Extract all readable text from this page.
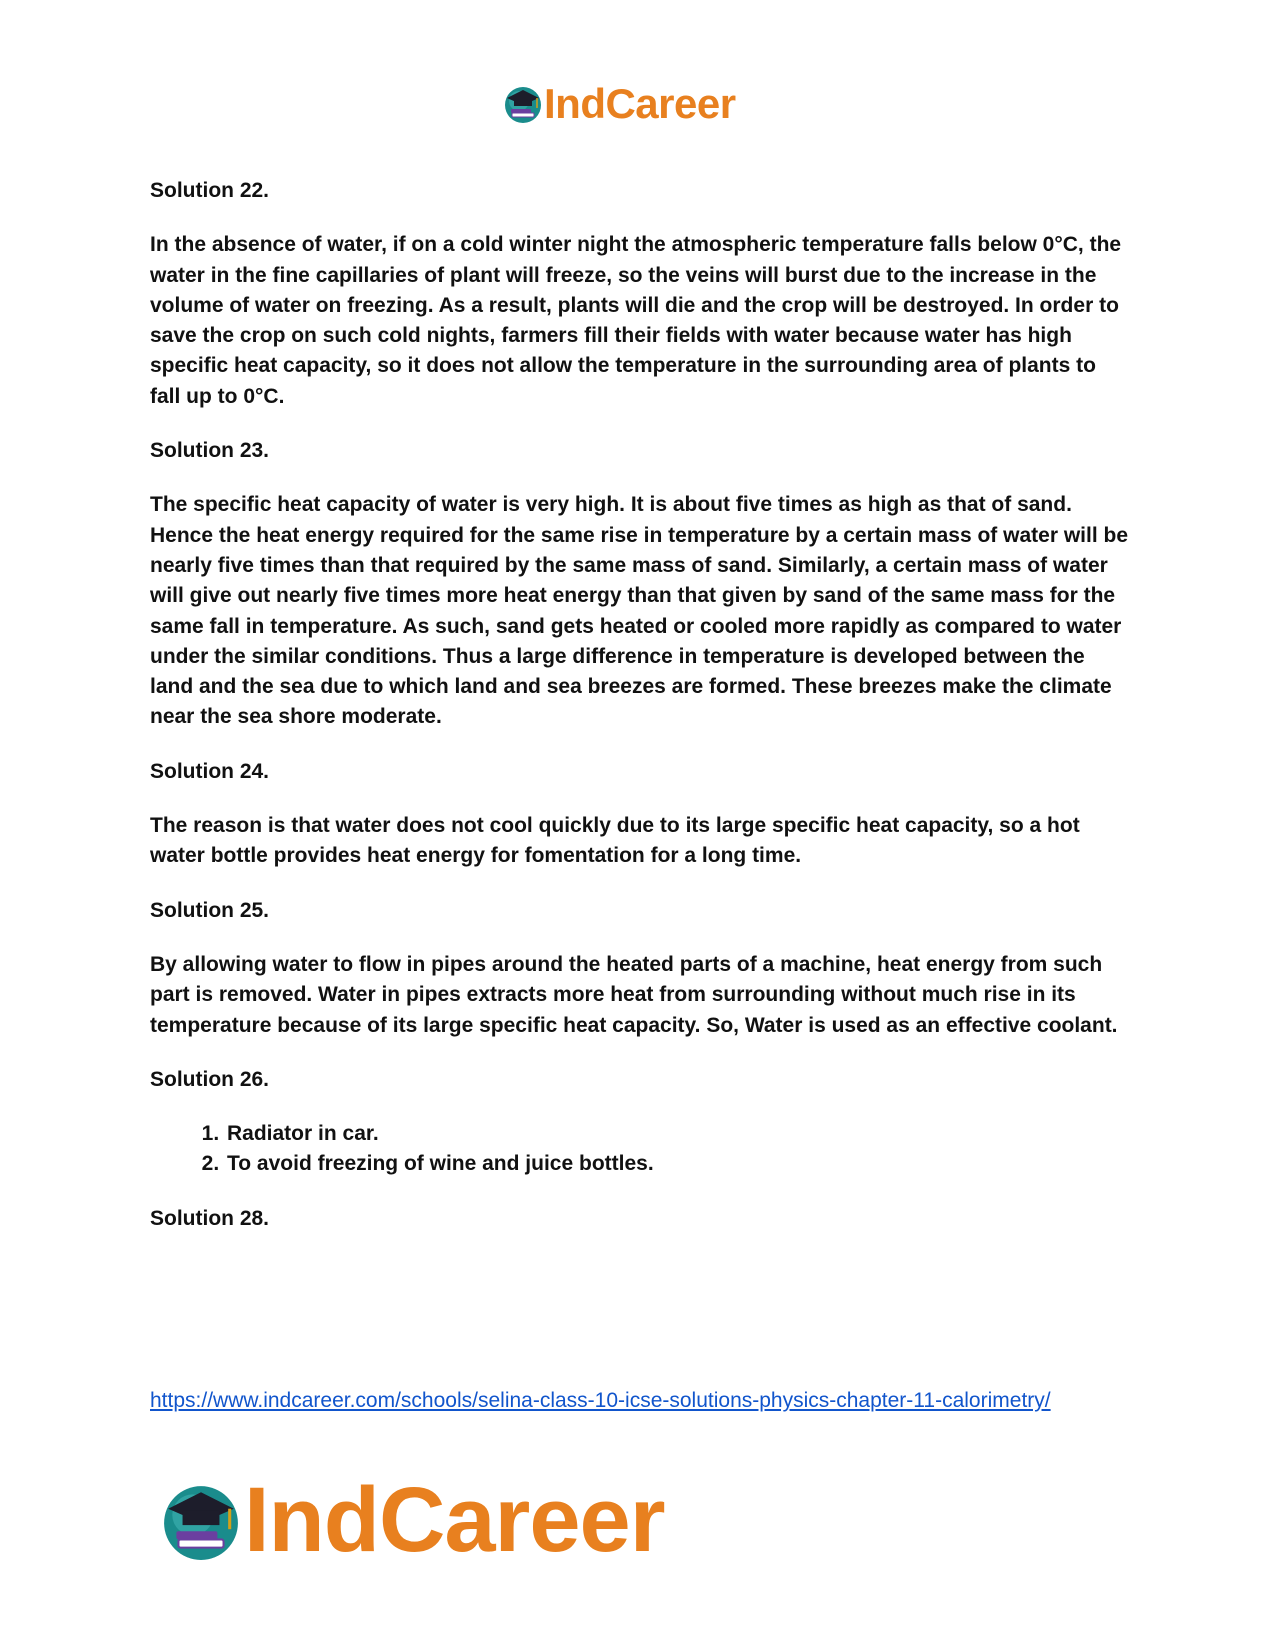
IndCareer

Solution 22.

In the absence of water, if on a cold winter night the atmospheric temperature falls below 0°C, the water in the fine capillaries of plant will freeze, so the veins will burst due to the increase in the volume of water on freezing. As a result, plants will die and the crop will be destroyed. In order to save the crop on such cold nights, farmers fill their fields with water because water has high specific heat capacity, so it does not allow the temperature in the surrounding area of plants to fall up to 0°C.

Solution 23.

The specific heat capacity of water is very high. It is about five times as high as that of sand. Hence the heat energy required for the same rise in temperature by a certain mass of water will be nearly five times than that required by the same mass of sand. Similarly, a certain mass of water will give out nearly five times more heat energy than that given by sand of the same mass for the same fall in temperature. As such, sand gets heated or cooled more rapidly as compared to water under the similar conditions. Thus a large difference in temperature is developed between the land and the sea due to which land and sea breezes are formed. These breezes make the climate near the sea shore moderate.

Solution 24.

The reason is that water does not cool quickly due to its large specific heat capacity, so a hot water bottle provides heat energy for fomentation for a long time.

Solution 25.

By allowing water to flow in pipes around the heated parts of a machine, heat energy from such part is removed. Water in pipes extracts more heat from surrounding without much rise in its temperature because of its large specific heat capacity. So, Water is used as an effective coolant.

Solution 26.

1. Radiator in car.
2. To avoid freezing of wine and juice bottles.

Solution 28.

https://www.indcareer.com/schools/selina-class-10-icse-solutions-physics-chapter-11-calorimetry/
IndCareer
